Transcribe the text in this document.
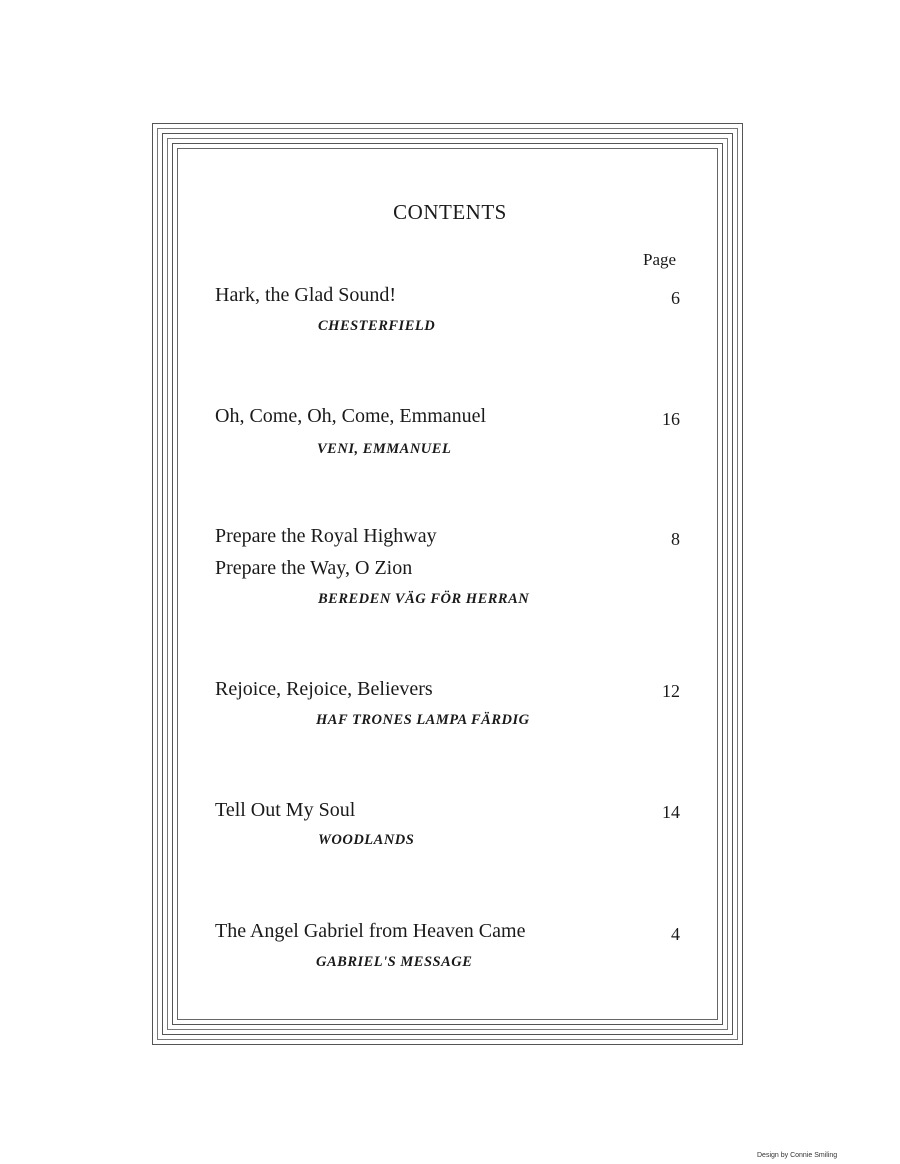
CONTENTS
Page
Hark, the Glad Sound!	6
CHESTERFIELD
Oh, Come, Oh, Come, Emmanuel	16
VENI, EMMANUEL
Prepare the Royal Highway	8
Prepare the Way, O Zion
BEREDEN VÄG FÖR HERRAN
Rejoice, Rejoice, Believers	12
HAF TRONES LAMPA FÄRDIG
Tell Out My Soul	14
WOODLANDS
The Angel Gabriel from Heaven Came	4
GABRIEL'S MESSAGE
Design by Connie Smiling
